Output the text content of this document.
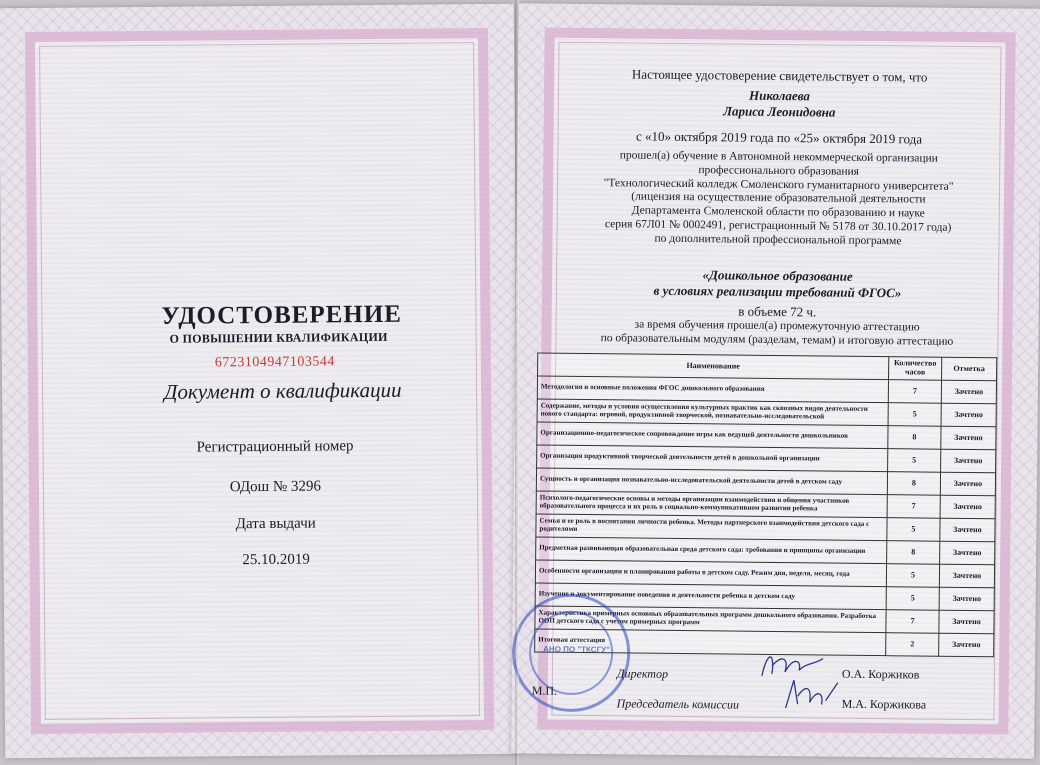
УДОСТОВЕРЕНИЕ
О ПОВЫШЕНИИ КВАЛИФИКАЦИИ
6723104947103544
Документ о квалификации
Регистрационный номер
ОДош № 3296
Дата выдачи
25.10.2019
Настоящее удостоверение свидетельствует о том, что
Николаева
Лариса Леонидовна
с «10» октября 2019 года по «25» октября 2019 года
прошел(а) обучение в Автономной некоммерческой организации
профессионального образования
"Технологический колледж Смоленского гуманитарного университета"
(лицензия на осуществление образовательной деятельности
Департамента Смоленской области по образованию и науке
серия 67Л01 № 0002491, регистрационный № 5178 от 30.10.2017 года)
по дополнительной профессиональной программе
«Дошкольное образование
в условиях реализации требований ФГОС»
в объеме 72 ч.
за время обучения прошел(а) промежуточную аттестацию
по образовательным модулям (разделам, темам) и итоговую аттестацию
Наименование	Количество часов	Отметка
Методология и основные положения ФГОС дошкольного образования	7	Зачтено
Содержание, методы и условия осуществления культурных практик как сквозных видов деятельности нового стандарта: игровой, продуктивной творческой, познавательно-исследовательской	5	Зачтено
Организационно-педагогическое сопровождение игры как ведущей деятельности дошкольников	8	Зачтено
Организация продуктивной творческой деятельности детей в дошкольной организации	5	Зачтено
Сущность и организация познавательно-исследовательской деятельности детей в детском саду	8	Зачтено
Психолого-педагогические основы и методы организации взаимодействия и общения участников образовательного процесса и их роль в социально-коммуникативном развитии ребенка	7	Зачтено
Семья и ее роль в воспитании личности ребенка. Методы партнерского взаимодействия детского сада с родителями	5	Зачтено
Предметная развивающая образовательная среда детского сада: требования и принципы организации	8	Зачтено
Особенности организации и планирования работы в детском саду. Режим дня, неделя, месяц, года	5	Зачтено
Изучение и документирование поведения и деятельности ребенка в детском саду	5	Зачтено
Характеристика примерных основных образовательных программ дошкольного образования. Разработка ООП детского сада с учетом примерных программ	7	Зачтено
Итоговая аттестация	2	Зачтено
АНО ПО "ТКСГУ"
Директор	О.А. Коржиков
М.П.
Председатель комиссии	М.А. Коржикова
